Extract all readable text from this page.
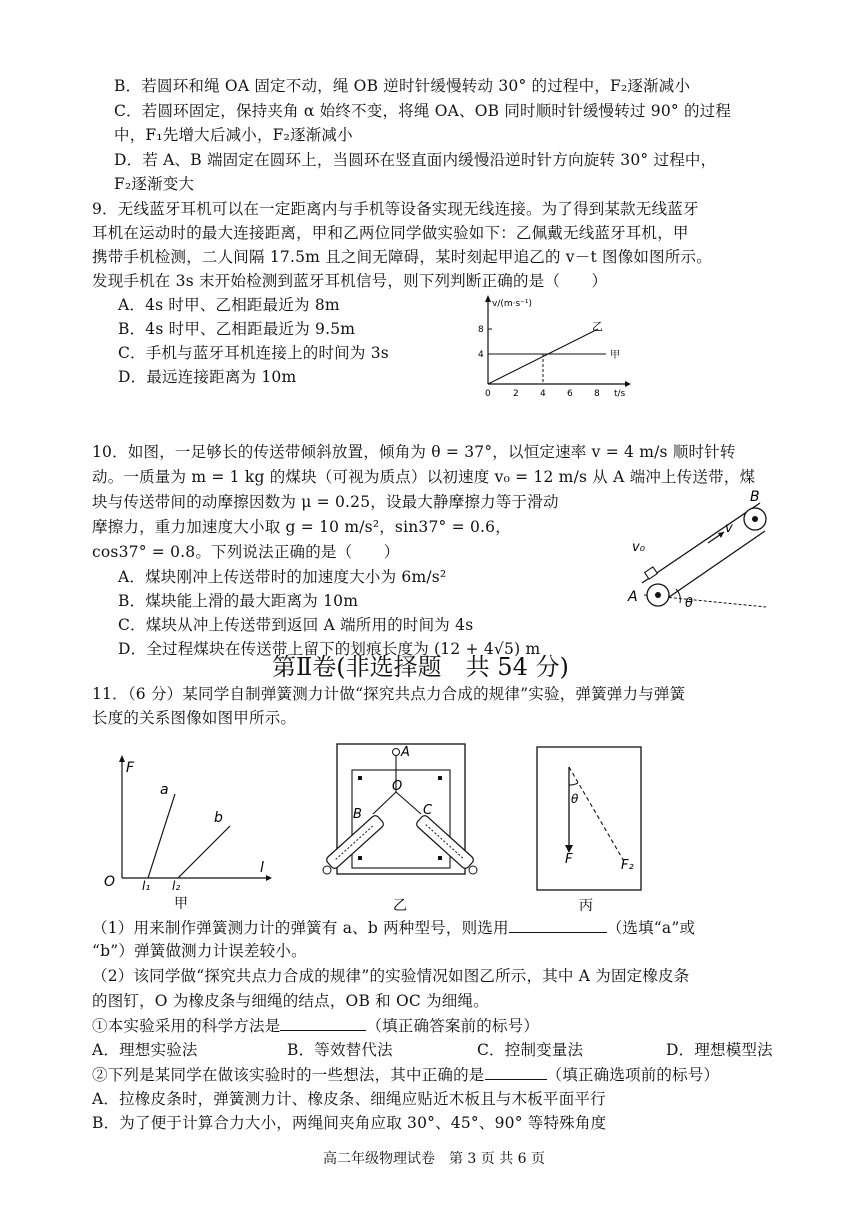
B．若圆环和绳 OA 固定不动，绳 OB 逆时针缓慢转动 30° 的过程中，F₂逐渐减小
C．若圆环固定，保持夹角 α 始终不变，将绳 OA、OB 同时顺时针缓慢转过 90° 的过程
中，F₁先增大后减小，F₂逐渐减小
D．若 A、B 端固定在圆环上，当圆环在竖直面内缓慢沿逆时针方向旋转 30° 过程中，
F₂逐渐变大
9．无线蓝牙耳机可以在一定距离内与手机等设备实现无线连接。为了得到某款无线蓝牙
耳机在运动时的最大连接距离，甲和乙两位同学做实验如下：乙佩戴无线蓝牙耳机，甲
携带手机检测，二人间隔 17.5m 且之间无障碍，某时刻起甲追乙的 v－t 图像如图所示。
发现手机在 3s 末开始检测到蓝牙耳机信号，则下列判断正确的是（　　）
A．4s 时甲、乙相距最近为 8m
B．4s 时甲、乙相距最近为 9.5m
C．手机与蓝牙耳机连接上的时间为 3s
D．最远连接距离为 10m
v/(m·s⁻¹)
t/s
8
4
0 2 4 6 8
乙
甲
10．如图，一足够长的传送带倾斜放置，倾角为 θ = 37°，以恒定速率 v = 4 m/s 顺时针转
动。一质量为 m = 1 kg 的煤块（可视为质点）以初速度 v₀ = 12 m/s 从 A 端冲上传送带，煤
块与传送带间的动摩擦因数为 μ = 0.25，设最大静摩擦力等于滑动
摩擦力，重力加速度大小取 g = 10 m/s²，sin37° = 0.6，
cos37° = 0.8。下列说法正确的是（　　）
A．煤块刚冲上传送带时的加速度大小为 6m/s²
B．煤块能上滑的最大距离为 10m
C．煤块从冲上传送带到返回 A 端所用的时间为 4s
D．全过程煤块在传送带上留下的划痕长度为 (12 + 4√5) m
v₀
v
A
B
θ
第Ⅱ卷(非选择题　共 54 分)
11．（6 分）某同学自制弹簧测力计做“探究共点力合成的规律”实验，弹簧弹力与弹簧
长度的关系图像如图甲所示。
F
a
b
O
l
l₁ l₂
甲
A
O
B	C
乙
θ
F	F₂
丙
（1）用来制作弹簧测力计的弹簧有 a、b 两种型号，则选用	（选填“a”或
“b”）弹簧做测力计误差较小。
（2）该同学做“探究共点力合成的规律”的实验情况如图乙所示，其中 A 为固定橡皮条
的图钉，O 为橡皮条与细绳的结点，OB 和 OC 为细绳。
①本实验采用的科学方法是	（填正确答案前的标号）
A．理想实验法	B．等效替代法	C．控制变量法	D．理想模型法
②下列是某同学在做该实验时的一些想法，其中正确的是	（填正确选项前的标号）
A．拉橡皮条时，弹簧测力计、橡皮条、细绳应贴近木板且与木板平面平行
B．为了便于计算合力大小，两绳间夹角应取 30°、45°、90° 等特殊角度
高二年级物理试卷　第 3 页 共 6 页
